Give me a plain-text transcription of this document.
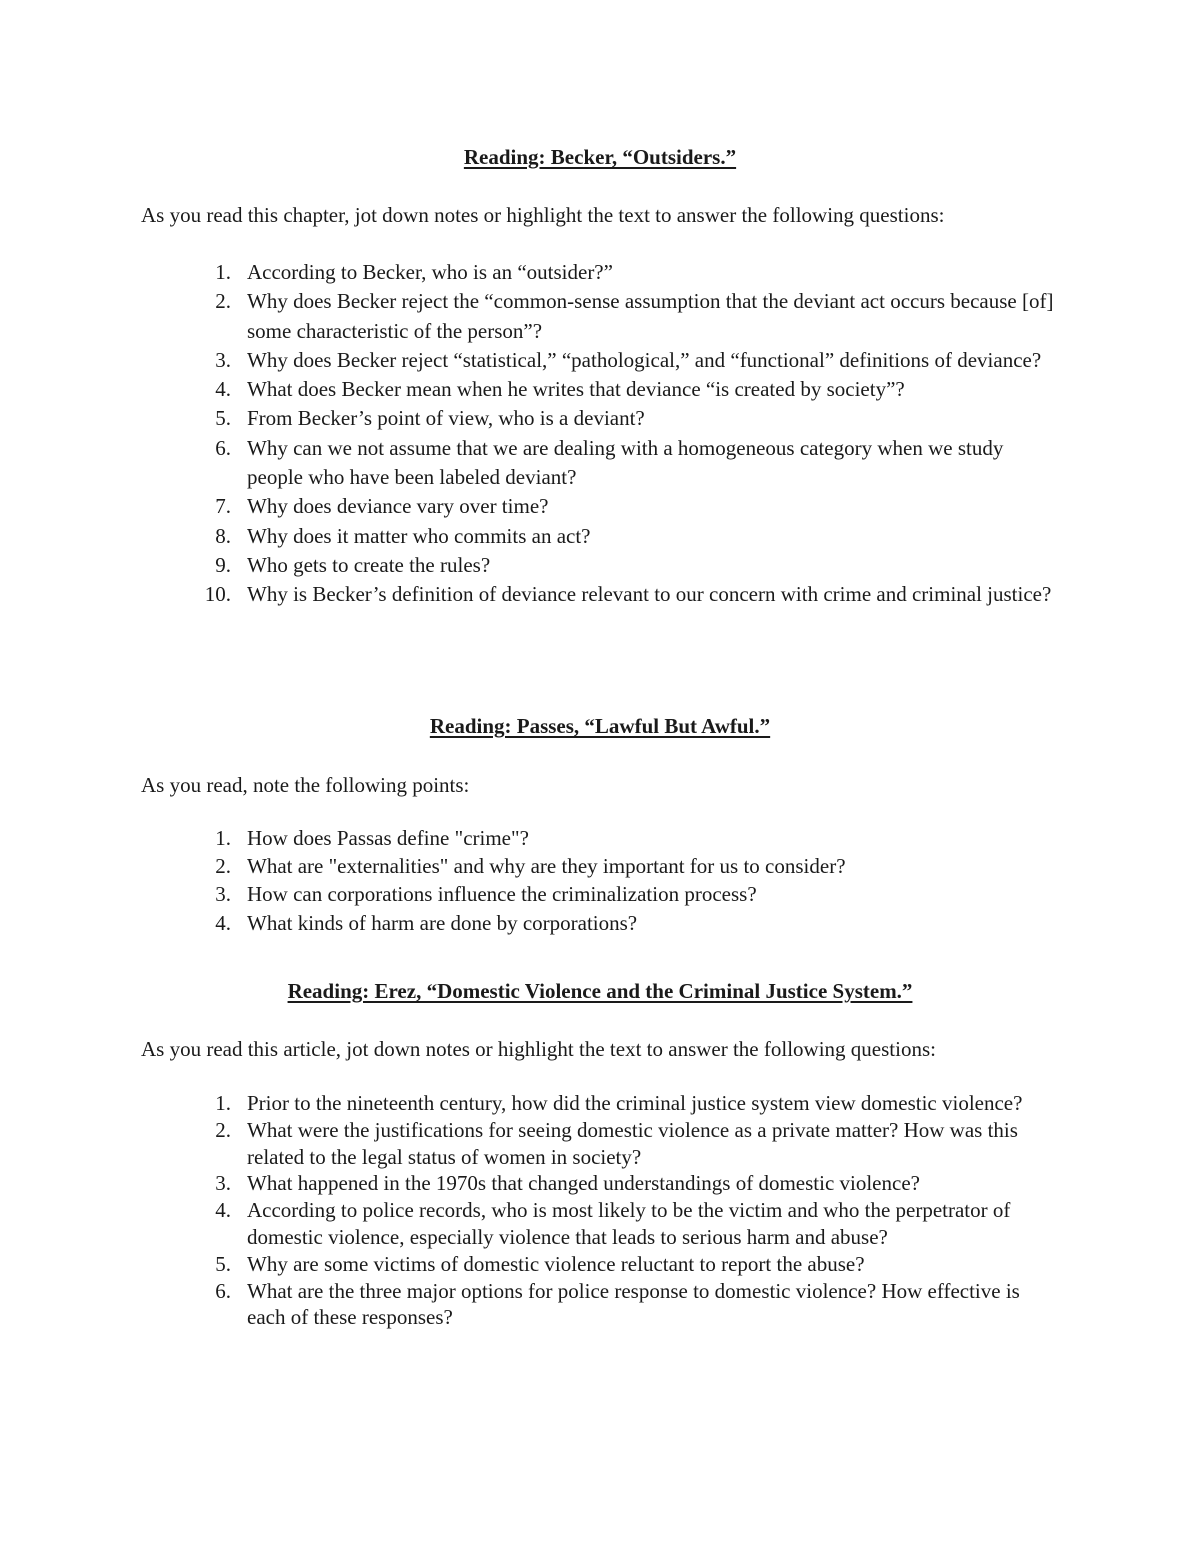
Reading: Becker, “Outsiders.”

As you read this chapter, jot down notes or highlight the text to answer the following questions:

1. According to Becker, who is an “outsider?”
2. Why does Becker reject the “common-sense assumption that the deviant act occurs because [of] some characteristic of the person”?
3. Why does Becker reject “statistical,” “pathological,” and “functional” definitions of deviance?
4. What does Becker mean when he writes that deviance “is created by society”?
5. From Becker’s point of view, who is a deviant?
6. Why can we not assume that we are dealing with a homogeneous category when we study people who have been labeled deviant?
7. Why does deviance vary over time?
8. Why does it matter who commits an act?
9. Who gets to create the rules?
10. Why is Becker’s definition of deviance relevant to our concern with crime and criminal justice?
Reading: Passes, “Lawful But Awful.”

As you read, note the following points:

1. How does Passas define "crime"?
2. What are "externalities" and why are they important for us to consider?
3. How can corporations influence the criminalization process?
4. What kinds of harm are done by corporations?
Reading: Erez, “Domestic Violence and the Criminal Justice System.”

As you read this article, jot down notes or highlight the text to answer the following questions:

1. Prior to the nineteenth century, how did the criminal justice system view domestic violence?
2. What were the justifications for seeing domestic violence as a private matter? How was this related to the legal status of women in society?
3. What happened in the 1970s that changed understandings of domestic violence?
4. According to police records, who is most likely to be the victim and who the perpetrator of domestic violence, especially violence that leads to serious harm and abuse?
5. Why are some victims of domestic violence reluctant to report the abuse?
6. What are the three major options for police response to domestic violence? How effective is each of these responses?
